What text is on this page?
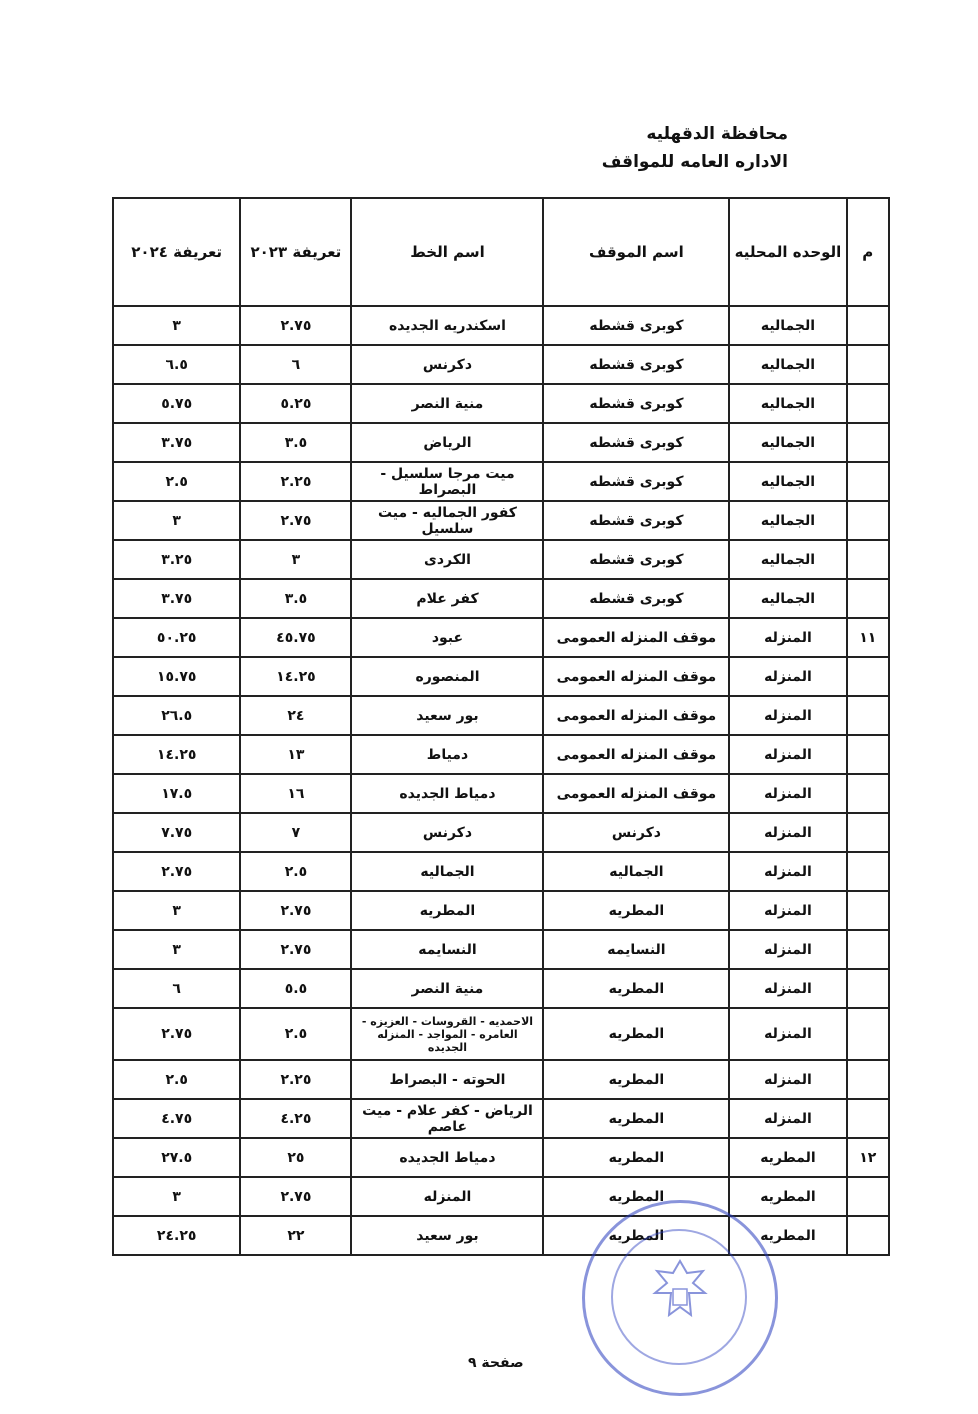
محافظة الدقهليه
الاداره العامه للمواقف
م	الوحده المحليه	اسم الموقف	اسم الخط	تعريفة ٢٠٢٣	تعريفة ٢٠٢٤
	الجماليه	كوبرى قشطه	اسكندريه الجديده	٢.٧٥	٣
	الجماليه	كوبرى قشطه	دكرنس	٦	٦.٥
	الجماليه	كوبرى قشطه	منية النصر	٥.٢٥	٥.٧٥
	الجماليه	كوبرى قشطه	الرياض	٣.٥	٣.٧٥
	الجماليه	كوبرى قشطه	ميت مرجا سلسيل - البصراط	٢.٢٥	٢.٥
	الجماليه	كوبرى قشطه	كفور الجماليه - ميت سلسيل	٢.٧٥	٣
	الجماليه	كوبرى قشطه	الكردى	٣	٣.٢٥
	الجماليه	كوبرى قشطه	كفر علام	٣.٥	٣.٧٥
١١	المنزله	موقف المنزله العمومى	عبود	٤٥.٧٥	٥٠.٢٥
	المنزله	موقف المنزله العمومى	المنصوره	١٤.٢٥	١٥.٧٥
	المنزله	موقف المنزله العمومى	بور سعيد	٢٤	٢٦.٥
	المنزله	موقف المنزله العمومى	دمياط	١٣	١٤.٢٥
	المنزله	موقف المنزله العمومى	دمياط الجديده	١٦	١٧.٥
	المنزله	دكرنس	دكرنس	٧	٧.٧٥
	المنزله	الجماليه	الجماليه	٢.٥	٢.٧٥
	المنزله	المطريه	المطريه	٢.٧٥	٣
	المنزله	النسايمه	النسايمه	٢.٧٥	٣
	المنزله	المطريه	منية النصر	٥.٥	٦
	المنزله	المطريه	الاحمديه - القروسات - العزيزه - العامره - المواجد - المنزله الجديده	٢.٥	٢.٧٥
	المنزله	المطريه	الحوته - البصراط	٢.٢٥	٢.٥
	المنزله	المطريه	الرياض - كفر علام - ميت عاصم	٤.٢٥	٤.٧٥
١٢	المطريه	المطريه	دمياط الجديده	٢٥	٢٧.٥
	المطريه	المطريه	المنزله	٢.٧٥	٣
	المطريه	المطريه	بور سعيد	٢٢	٢٤.٢٥
صفحة ٩
